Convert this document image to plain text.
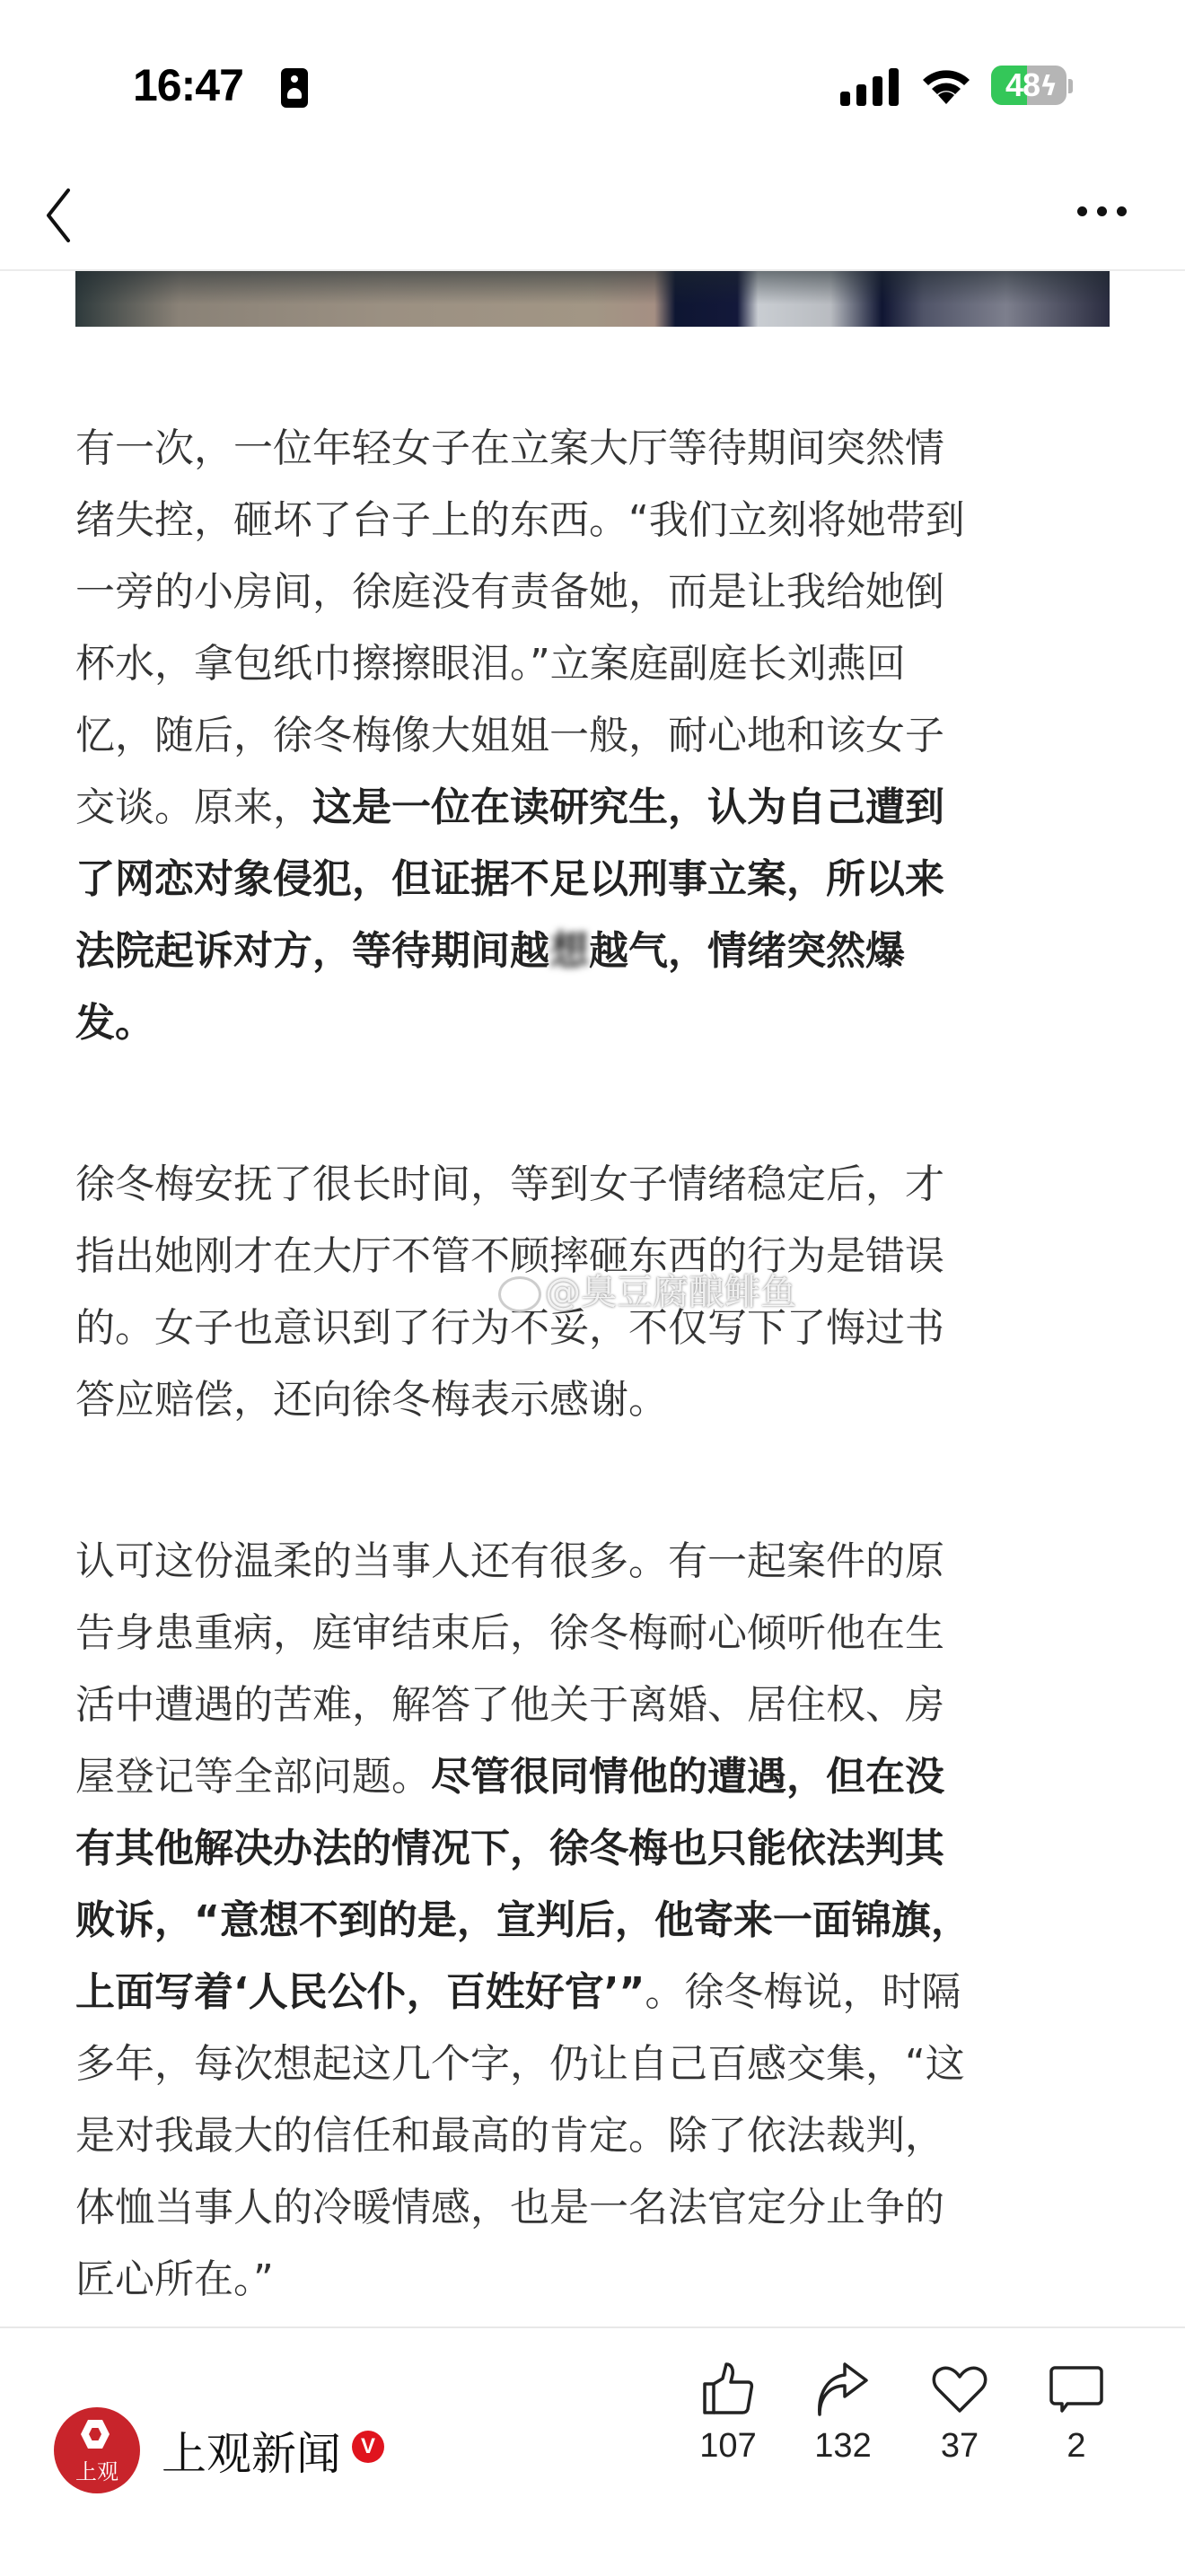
16:47	48 ϟ
有一次，一位年轻女子在立案大厅等待期间突然情
绪失控，砸坏了台子上的东西。“我们立刻将她带到
一旁的小房间，徐庭没有责备她，而是让我给她倒
杯水，拿包纸巾擦擦眼泪。”立案庭副庭长刘燕回
忆，随后，徐冬梅像大姐姐一般，耐心地和该女子
交谈。原来，这是一位在读研究生，认为自己遭到
了网恋对象侵犯，但证据不足以刑事立案，所以来
法院起诉对方，等待期间越想越气，情绪突然爆
发。
徐冬梅安抚了很长时间，等到女子情绪稳定后，才
指出她刚才在大厅不管不顾摔砸东西的行为是错误
的。女子也意识到了行为不妥，不仅写下了悔过书
答应赔偿，还向徐冬梅表示感谢。
认可这份温柔的当事人还有很多。有一起案件的原
告身患重病，庭审结束后，徐冬梅耐心倾听他在生
活中遭遇的苦难，解答了他关于离婚、居住权、房
屋登记等全部问题。尽管很同情他的遭遇，但在没
有其他解决办法的情况下，徐冬梅也只能依法判其
败诉，“意想不到的是，宣判后，他寄来一面锦旗，
上面写着‘人民公仆，百姓好官’”。徐冬梅说，时隔
多年，每次想起这几个字，仍让自己百感交集，“这
是对我最大的信任和最高的肯定。除了依法裁判，
体恤当事人的冷暖情感，也是一名法官定分止争的
匠心所在。”
@臭豆腐酿鲱鱼
上观 上观新闻 V	107	132	37	2
